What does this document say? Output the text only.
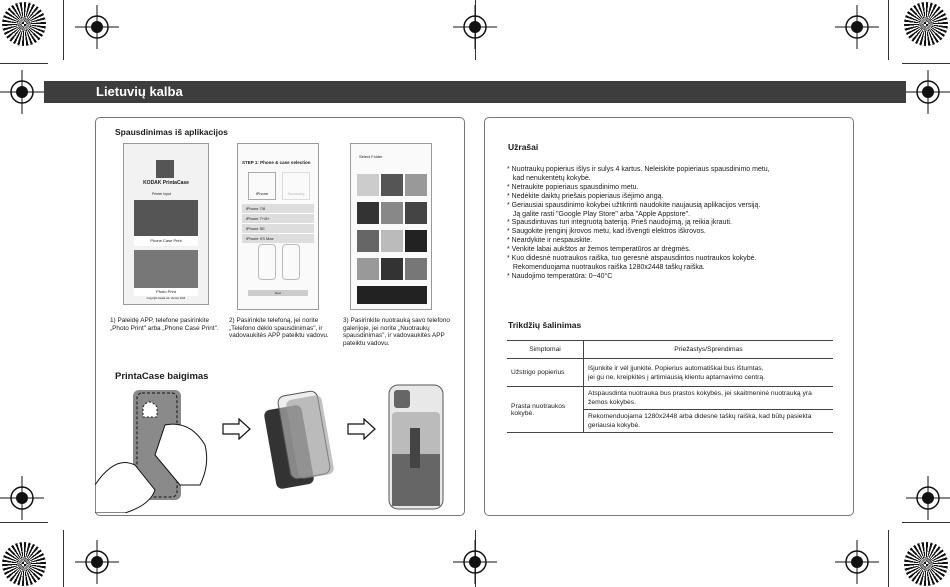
Lietuvių kalba
Spausdinimas iš aplikacijos
KODAK PrintaCase
Printer Input
Phone Case Print
Photo Print
Copyright Kodak Ltd. Version 2023
STEP 1: Phone & case selection
iPhone	Samsung
iPhone 7/8
iPhone 7+/8+
iPhone SE
iPhone XS Max
Next
Select Folder
1) Paleidę APP, telefone pasirinkite „Photo Print" arba „Phone Case Print".
2) Pasirinkite telefoną, jei norite „Telefono dėklo spausdinimas", ir vadovaukitės APP pateiktu vadovu.
3) Pasirinkite nuotrauką savo telefono galerijoje, jei norite „Nuotraukų spausdinimas", ir vadovaukitės APP pateiktu vadovu.
PrintaCase baigimas
Užrašai
* Nuotraukų popierius išlys ir sulys 4 kartus. Neleiskite popieriaus spausdinimo metu,
kad nenukentėtų kokybė.
* Netraukite popieriaus spausdinimo metu.
* Nedėkite daiktų priešais popieriaus išėjimo angą.
* Geriausiai spausdinimo kokybei užtikrinti naudokite naujausią aplikacijos versiją.
Ją galite rasti "Google Play Store" arba "Apple Appstore".
* Spausdintuvas turi integruotą bateriją. Prieš naudojimą, ją reikia įkrauti.
* Saugokite įrenginį įkrovos metu, kad išvengti elektros iškrovos.
* Neardykite ir nespauskite.
* Venkite labai aukštos ar žemos temperatūros ar drėgmės.
* Kuo didesnė nuotraukos raiška, tuo geresnė atspausdintos nuotraukos kokybė.
Rekomenduojama nuotraukos raiška 1280x2448 taškų raiška.
* Naudojimo temperatūra: 0~40°C
Trikdžių šalinimas
Simptomai	Priežastys/Sprendimas
Užstrigo popierius	Išjunkite ir vėl įjunkite. Popierius automatiškai bus ištumtas,
jei gu ne, kreipkitės į artimiausią klientu aptarnavimo centrą.

Prasta nuotraukos kokybė.	Atspausdinta nuotrauka bus prastos kokybės, jei skaitmeninė nuotrauką yra žemos kokybės.
Rekomenduojama 1280x2448 arba didesnė taškų raiška, kad būtų pasiekta geriausia kokybė.
